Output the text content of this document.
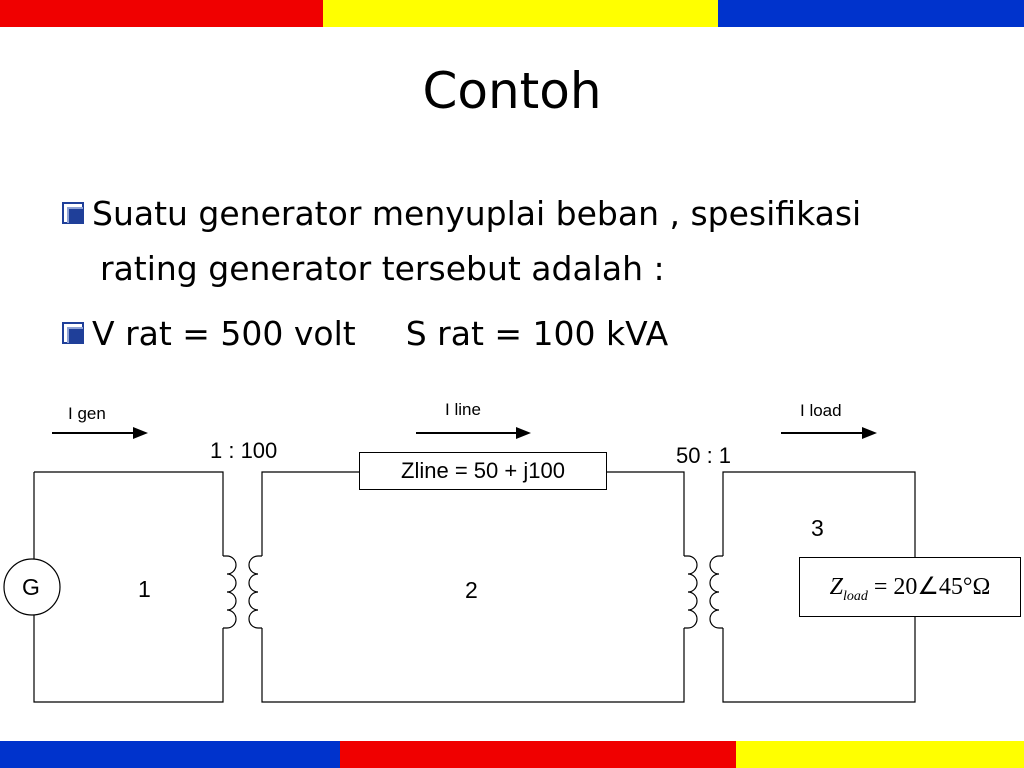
Contoh
Suatu generator menyuplai beban , spesifikasi
rating generator tersebut adalah :
V rat = 500 volt S rat = 100 kVA
I gen	I line	I load
1 : 100	50 : 1
Zline = 50 + j100
G	1	2
3
$Z_{load}$ = 20∠45°Ω
